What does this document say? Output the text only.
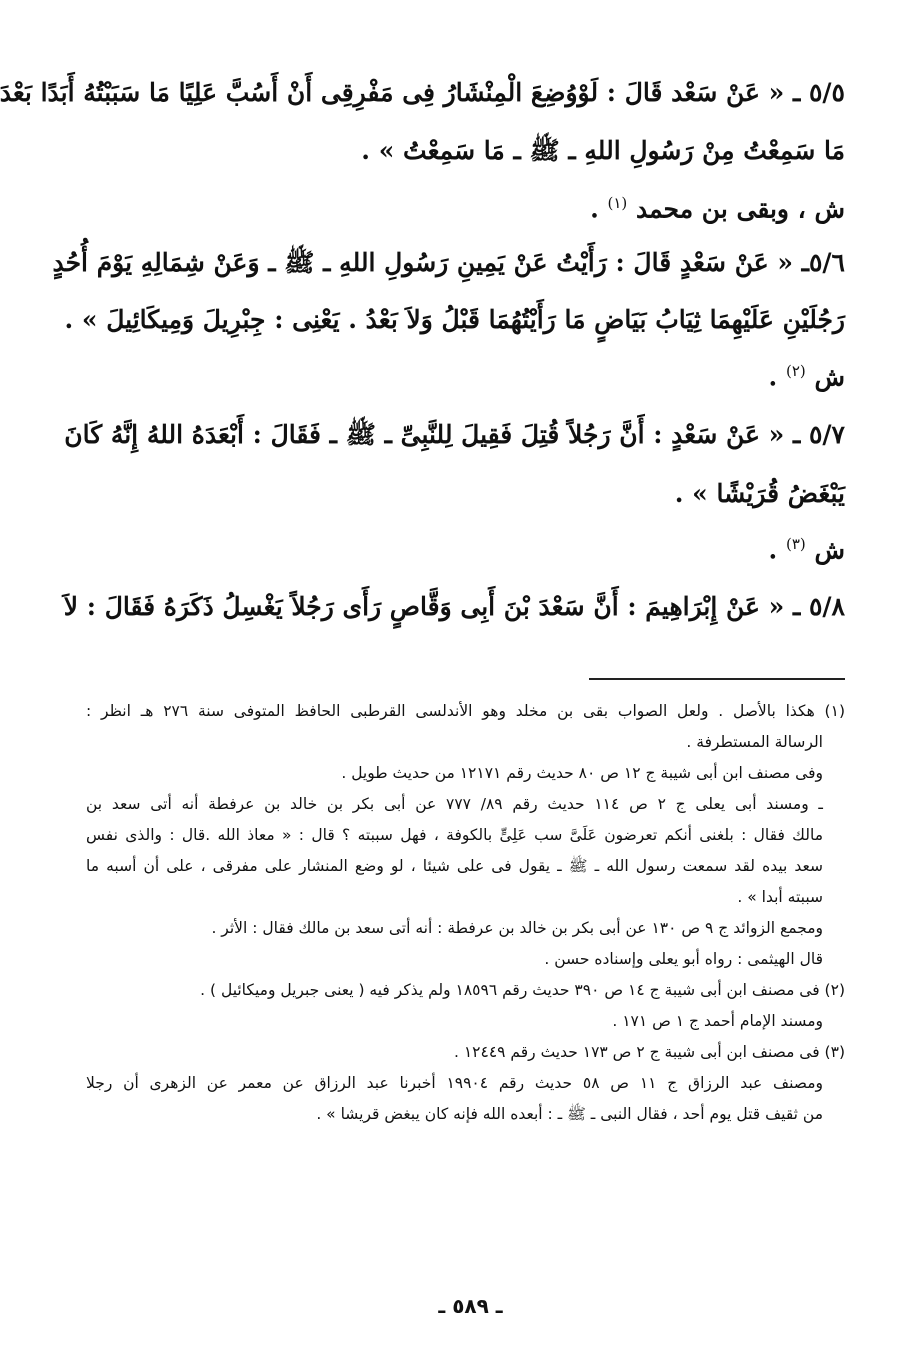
٥/٥ ـ « عَنْ سَعْد قَالَ : لَوْوُضِعَ الْمِنْشَارُ فِى مَفْرِقِى أَنْ أَسُبَّ عَلِيًا مَا سَبَبْتُهُ أَبَدًا بَعْدَ
مَا سَمِعْتُ مِنْ رَسُولِ اللهِ ـ ﷺ ـ مَا سَمِعْتُ » .
ش ، وبقى بن محمد $^{(١)}$ .
٥/٦ـ « عَنْ سَعْدٍ قَالَ : رَأَيْتُ عَنْ يَمِينِ رَسُولِ اللهِ ـ ﷺ ـ وَعَنْ شِمَالِهِ يَوْمَ أُحُدٍ
رَجُلَيْنِ عَلَيْهِمَا ثِيَابُ بَيَاضٍ مَا رَأَيْتُهُمَا قَبْلُ وَلاَ بَعْدُ . يَعْنِى : جِبْرِيلَ وَمِيكَائِيلَ » .
ش $^{(٢)}$ .
٥/٧ ـ « عَنْ سَعْدٍ : أَنَّ رَجُلاً قُتِلَ فَقِيلَ لِلنَّبِىِّ ـ ﷺ ـ فَقَالَ : أَبْعَدَهُ اللهُ إِنَّهُ كَانَ
يَبْغَضُ قُرَيْشًا » .
ش $^{(٣)}$ .
٥/٨ ـ « عَنْ إِبْرَاهِيمَ : أَنَّ سَعْدَ بْنَ أَبِى وَقَّاصٍ رَأَى رَجُلاً يَغْسِلُ ذَكَرَهُ فَقَالَ : لاَ
(١) هكذا بالأصل . ولعل الصواب بقى بن مخلد وهو الأندلسى القرطبى الحافظ المتوفى سنة ٢٧٦ هـ انظر :
الرسالة المستطرفة .
وفى مصنف ابن أبى شيبة ج ١٢ ص ٨٠ حديث رقم ١٢١٧١ من حديث طويل .
ـ ومسند أبى يعلى ج ٢ ص ١١٤ حديث رقم ٨٩/ ٧٧٧ عن أبى بكر بن خالد بن عرفطة أنه أتى سعد بن
مالك فقال : بلغنى أنكم تعرضون عَلَىَّ سب عَلِىٍّ بالكوفة ، فهل سببته ؟ قال : « معاذ الله .قال : والذى نفس
سعد بيده لقد سمعت رسول الله ـ ﷺ ـ يقول فى على شيئا ، لو وضع المنشار على مفرقى ، على أن أسبه ما
سببته أبدا » .
ومجمع الزوائد ج ٩ ص ١٣٠ عن أبى بكر بن خالد بن عرفطة : أنه أتى سعد بن مالك فقال : الأثر .
قال الهيثمى : رواه أبو يعلى وإسناده حسن .
(٢) فى مصنف ابن أبى شيبة ج ١٤ ص ٣٩٠ حديث رقم ١٨٥٩٦ ولم يذكر فيه ( يعنى جبريل وميكائيل ) .
ومسند الإمام أحمد ج ١ ص ١٧١ .
(٣) فى مصنف ابن أبى شيبة ج ٢ ص ١٧٣ حديث رقم ١٢٤٤٩ .
ومصنف عبد الرزاق ج ١١ ص ٥٨ حديث رقم ١٩٩٠٤ أخبرنا عبد الرزاق عن معمر عن الزهرى أن رجلا
من ثقيف قتل يوم أحد ، فقال النبى ـ ﷺ ـ : أبعده الله فإنه كان يبغض قريشا » .
ـ ٥٨٩ ـ
